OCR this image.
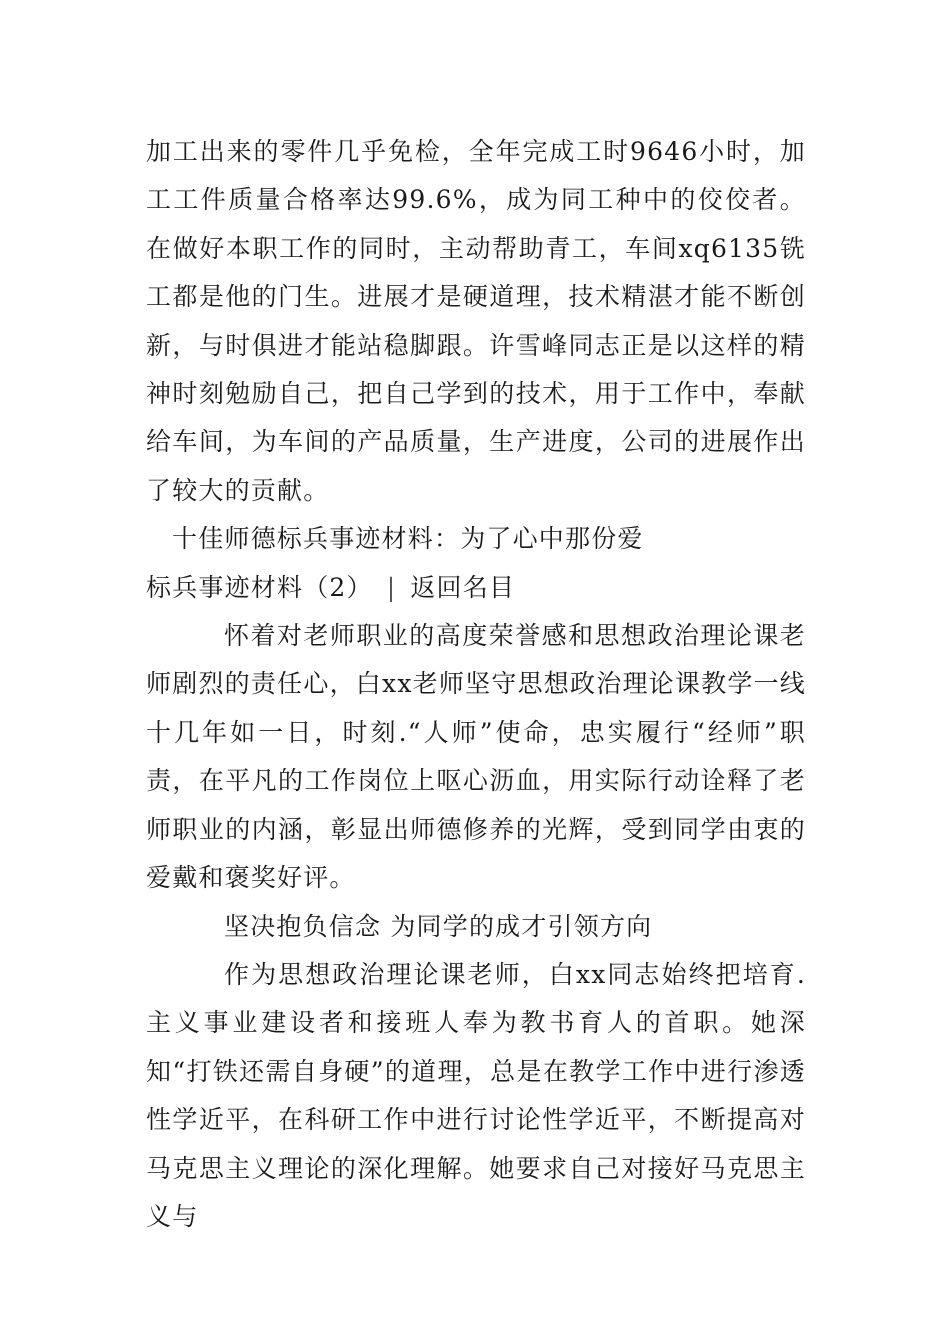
加工出来的零件几乎免检，全年完成工时9646小时，加工工件质量合格率达99.6%，成为同工种中的佼佼者。在做好本职工作的同时，主动帮助青工，车间xq6135铣工都是他的门生。进展才是硬道理，技术精湛才能不断创新，与时俱进才能站稳脚跟。许雪峰同志正是以这样的精神时刻勉励自己，把自己学到的技术，用于工作中，奉献给车间，为车间的产品质量，生产进度，公司的进展作出了较大的贡献。

十佳师德标兵事迹材料：为了心中那份爱

标兵事迹材料（2） | 返回名目

怀着对老师职业的高度荣誉感和思想政治理论课老师剧烈的责任心，白xx老师坚守思想政治理论课教学一线十几年如一日，时刻.“人师”使命，忠实履行“经师”职责，在平凡的工作岗位上呕心沥血，用实际行动诠释了老师职业的内涵，彰显出师德修养的光辉，受到同学由衷的爱戴和褒奖好评。

坚决抱负信念 为同学的成才引领方向

作为思想政治理论课老师，白xx同志始终把培育.主义事业建设者和接班人奉为教书育人的首职。她深知“打铁还需自身硬”的道理，总是在教学工作中进行渗透性学近平，在科研工作中进行讨论性学近平，不断提高对马克思主义理论的深化理解。她要求自己对接好马克思主义与
